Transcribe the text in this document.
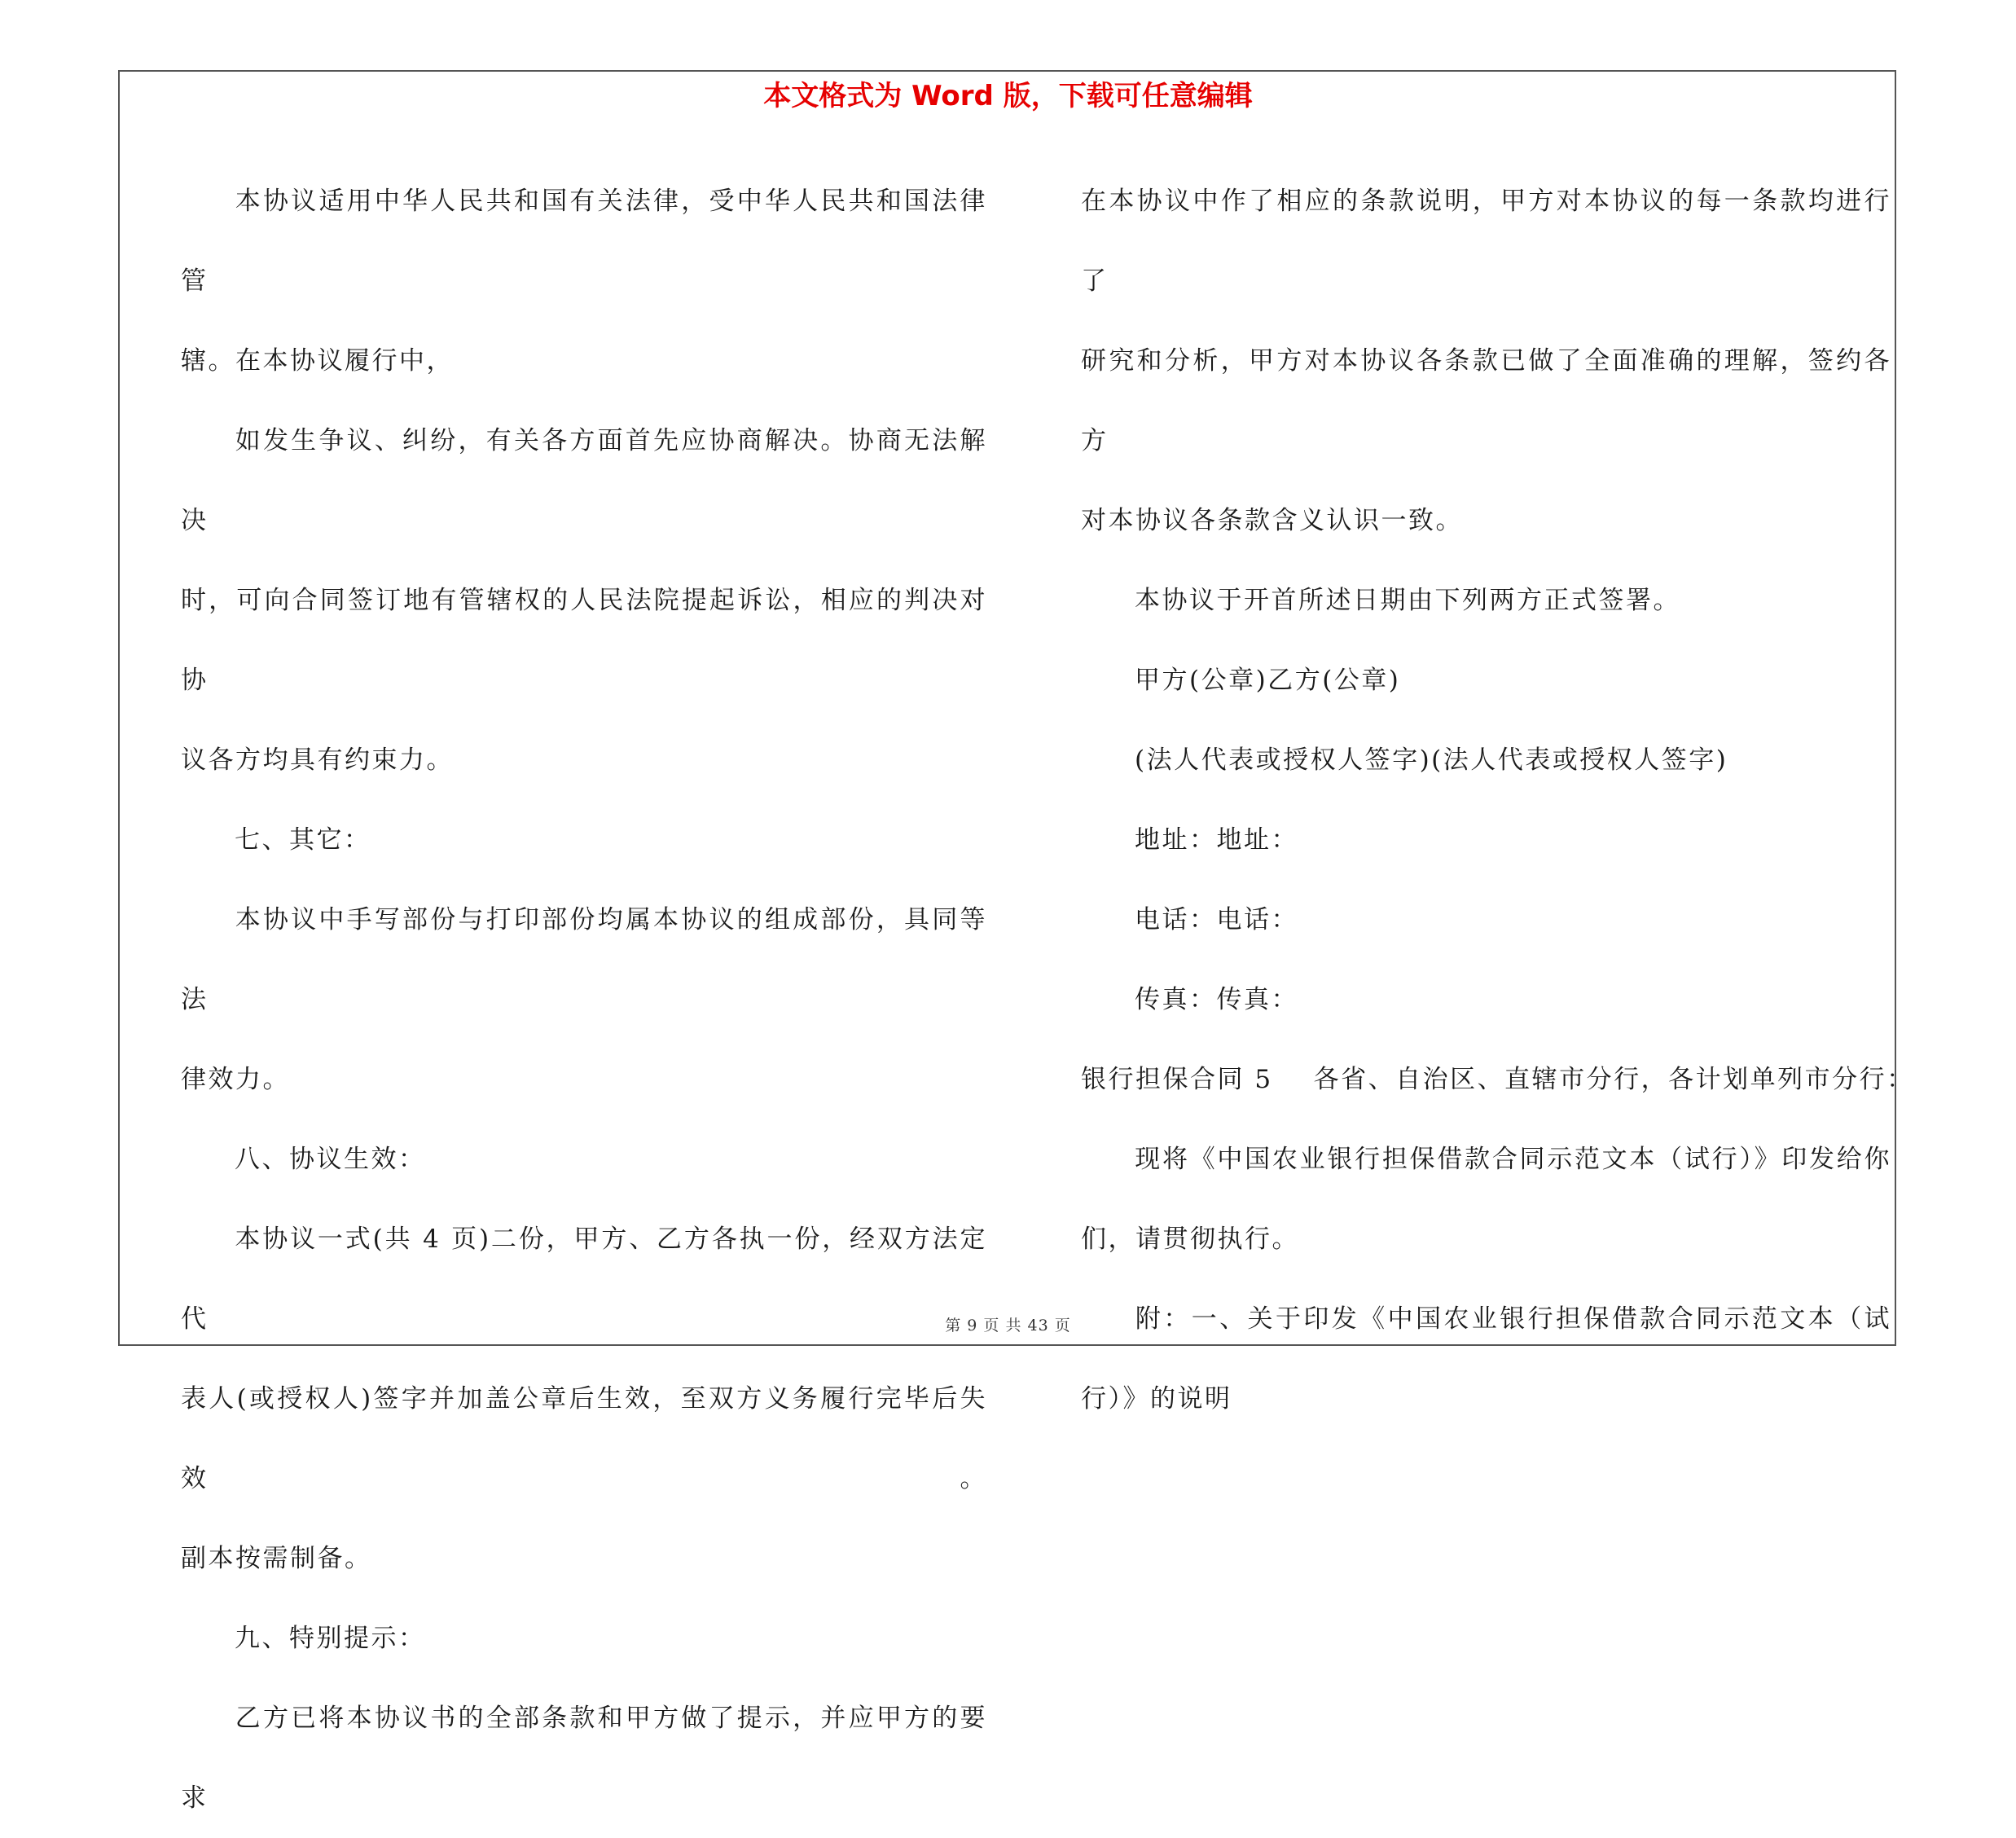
本文格式为 Word 版，下载可任意编辑
本协议适用中华人民共和国有关法律，受中华人民共和国法律管
辖。在本协议履行中，
如发生争议、纠纷，有关各方面首先应协商解决。协商无法解决
时，可向合同签订地有管辖权的人民法院提起诉讼，相应的判决对协
议各方均具有约束力。
七、其它：
本协议中手写部份与打印部份均属本协议的组成部份，具同等法
律效力。
八、协议生效：
本协议一式(共 4 页)二份，甲方、乙方各执一份，经双方法定代
表人(或授权人)签字并加盖公章后生效，至双方义务履行完毕后失效。
副本按需制备。
九、特别提示：
乙方已将本协议书的全部条款和甲方做了提示，并应甲方的要求
在本协议中作了相应的条款说明，甲方对本协议的每一条款均进行了
研究和分析，甲方对本协议各条款已做了全面准确的理解，签约各方
对本协议各条款含义认识一致。
本协议于开首所述日期由下列两方正式签署。
甲方(公章)乙方(公章)
(法人代表或授权人签字)(法人代表或授权人签字)
地址：地址：
电话：电话：
传真：传真：
银行担保合同 5 各省、自治区、直辖市分行，各计划单列市分行：
现将《中国农业银行担保借款合同示范文本（试行）》印发给你
们，请贯彻执行。
附：一、关于印发《中国农业银行担保借款合同示范文本（试
行）》的说明
第 9 页 共 43 页
